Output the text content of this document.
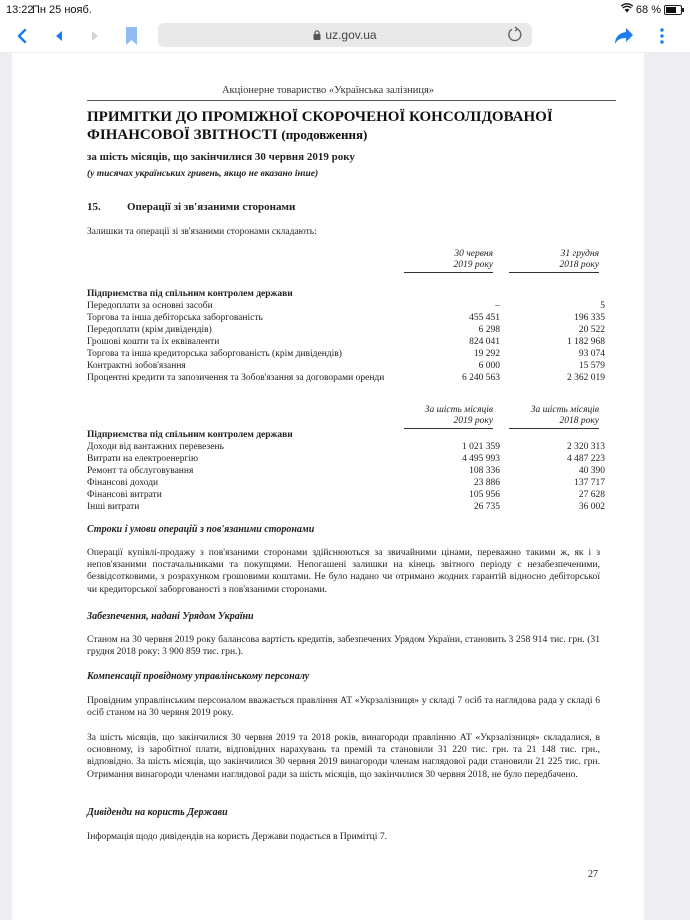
13:22
Пн 25 нояб.	68 %
uz.gov.ua
Акціонерне товариство «Українська залізниця»
ПРИМІТКИ ДО ПРОМІЖНОЇ СКОРОЧЕНОЇ КОНСОЛІДОВАНОЇ
ФІНАНСОВОЇ ЗВІТНОСТІ (продовження)
за шість місяців, що закінчилися 30 червня 2019 року
(у тисячах українських гривень, якщо не вказано інше)
15. Операції зі зв'язаними сторонами
Залишки та операції зі зв'язаними сторонами складають:
30 червня
2019 року
31 грудня
2018 року
Підприємства під спільним контролем держави
Передоплати за основні засоби	–	5
Торгова та інша дебіторська заборгованість	455 451	196 335
Передоплати (крім дивідендів)	6 298	20 522
Грошові кошти та їх еквіваленти	824 041	1 182 968
Торгова та інша кредиторська заборгованість (крім дивідендів)	19 292	93 074
Контрактні зобов'язання	6 000	15 579
Процентні кредити та запозичення та Зобов'язання за договорами оренди	6 240 563	2 362 019
За шість місяців
2019 року
За шість місяців
2018 року
Підприємства під спільним контролем держави
Доходи від вантажних перевезень	1 021 359	2 320 313
Витрати на електроенергію	4 495 993	4 487 223
Ремонт та обслуговування	108 336	40 390
Фінансові доходи	23 886	137 717
Фінансові витрати	105 956	27 628
Інші витрати	26 735	36 002
Строки і умови операцій з пов'язаними сторонами
Операції купівлі-продажу з пов'язаними сторонами здійснюються за звичайними цінами, переважно такими ж, як і з непов'язаними постачальниками та покупцями. Непогашені залишки на кінець звітного періоду є незабезпеченими, безвідсотковими, з розрахунком грошовими коштами. Не було надано чи отримано жодних гарантій відносно дебіторської чи кредиторської заборгованості з пов'язаними сторонами.
Забезпечення, надані Урядом України
Станом на 30 червня 2019 року балансова вартість кредитів, забезпечених Урядом України, становить 3 258 914 тис. грн. (31 грудня 2018 року: 3 900 859 тис. грн.).
Компенсації провідному управлінському персоналу
Провідним управлінським персоналом вважається правління АТ «Укрзалізниця» у складі 7 осіб та наглядова рада у складі 6 осіб станом на 30 червня 2019 року.
За шість місяців, що закінчилися 30 червня 2019 та 2018 років, винагороди правлінню АТ «Укрзалізниця» складалися, в основному, із заробітної плати, відповідних нарахувань та премій та становили 31 220 тис. грн. та 21 148 тис. грн., відповідно. За шість місяців, що закінчилися 30 червня 2019 винагороди членам наглядової ради становили 21 225 тис. грн. Отримання винагороди членами наглядової ради за шість місяців, що закінчилися 30 червня 2018, не було передбачено.
Дивіденди на користь Держави
Інформація щодо дивідендів на користь Держави подається в Примітці 7.
27
